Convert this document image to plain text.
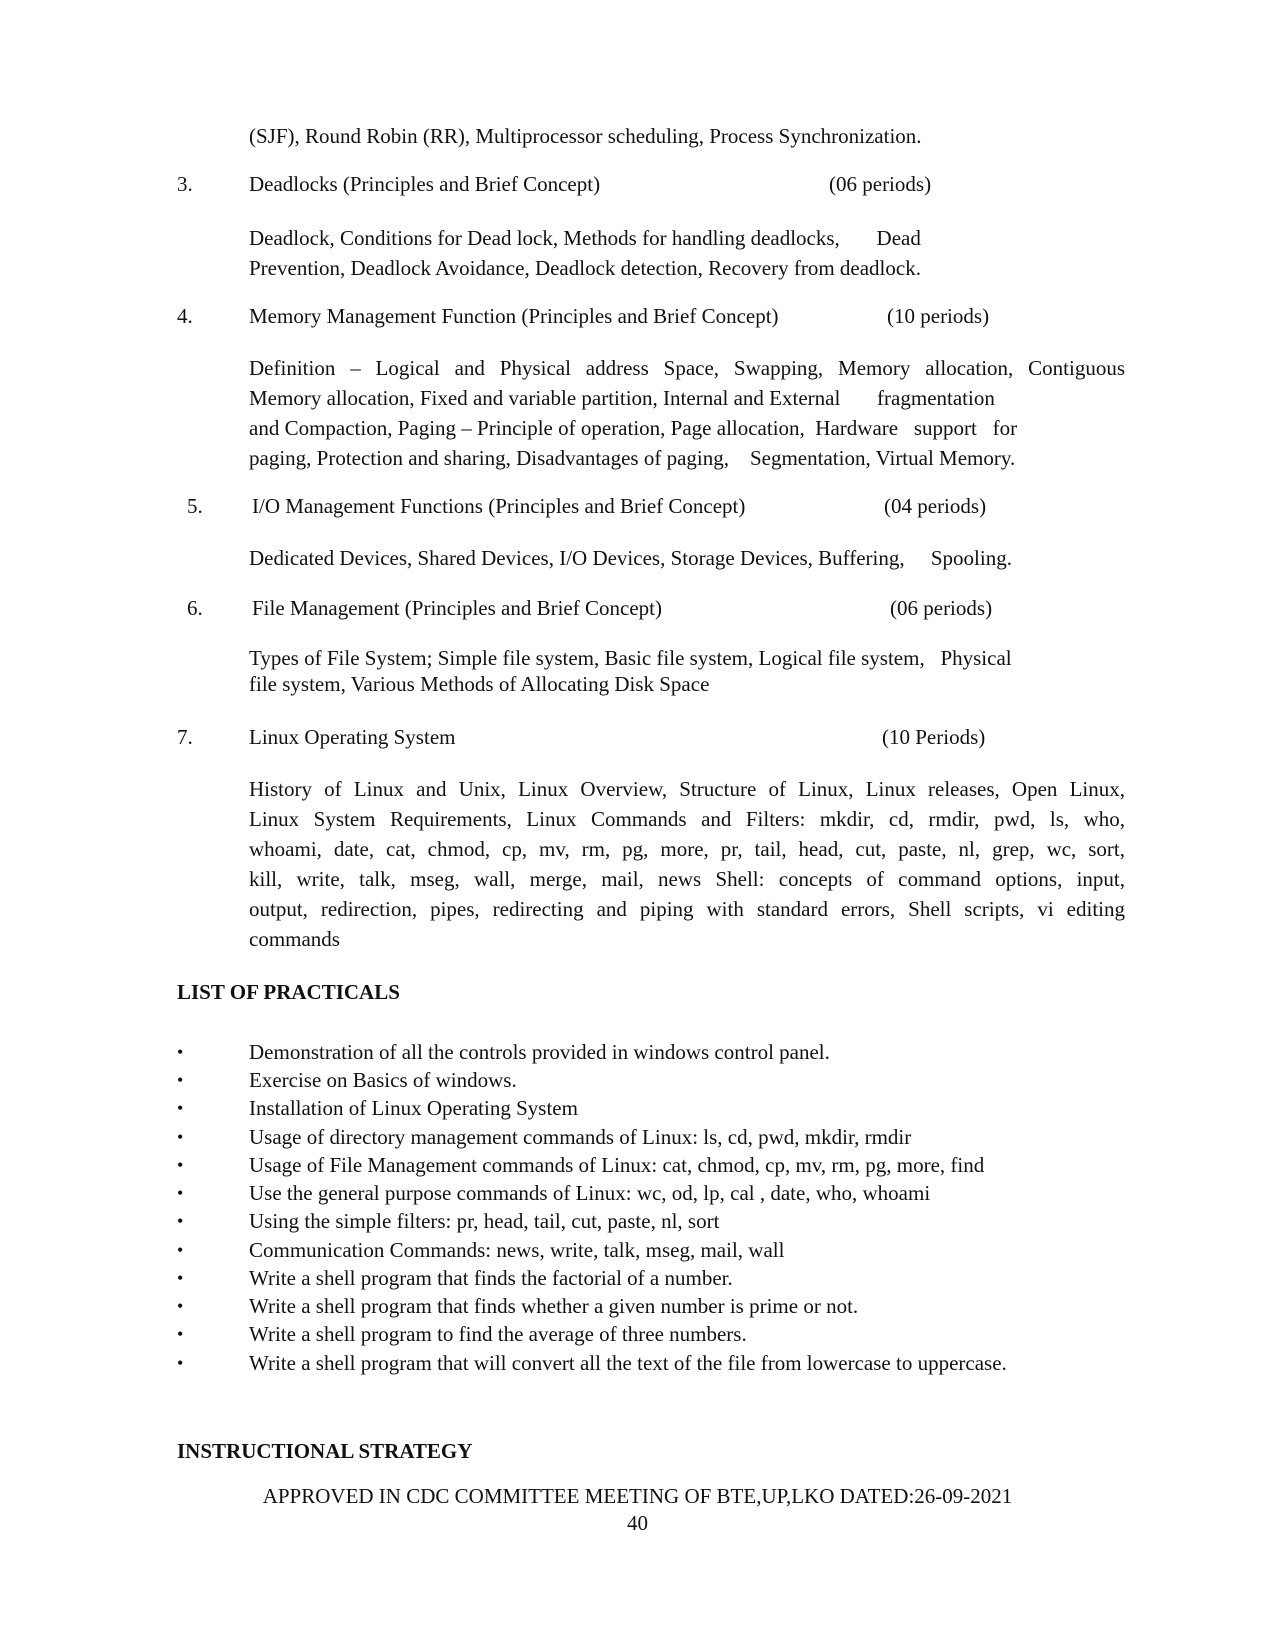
(SJF), Round Robin (RR), Multiprocessor scheduling, Process Synchronization.
3.	Deadlocks (Principles and Brief Concept)	(06 periods)
Deadlock, Conditions for Dead lock, Methods for handling deadlocks,       Dead
Prevention, Deadlock Avoidance, Deadlock detection, Recovery from deadlock.
4.	Memory Management Function (Principles and Brief Concept)	(10 periods)
Definition – Logical and Physical address Space, Swapping, Memory allocation, Contiguous
Memory allocation, Fixed and variable partition, Internal and External       fragmentation
and Compaction, Paging – Principle of operation, Page allocation,  Hardware   support   for
paging, Protection and sharing, Disadvantages of paging,    Segmentation, Virtual Memory.
5. I/O Management Functions (Principles and Brief Concept)	(04 periods)
Dedicated Devices, Shared Devices, I/O Devices, Storage Devices, Buffering,     Spooling.
6. File Management (Principles and Brief Concept)	(06 periods)
Types of File System; Simple file system, Basic file system, Logical file system,   Physical
file system, Various Methods of Allocating Disk Space
7.	Linux Operating System	(10 Periods)
History of Linux and Unix, Linux Overview, Structure of Linux, Linux releases, Open Linux,
Linux System Requirements, Linux Commands and Filters: mkdir, cd, rmdir, pwd, ls, who,
whoami, date, cat, chmod, cp, mv, rm, pg, more, pr, tail, head, cut, paste, nl, grep, wc, sort,
kill, write, talk, mseg, wall, merge, mail, news Shell: concepts of command options, input,
output, redirection, pipes, redirecting and piping with standard errors, Shell scripts, vi editing
commands
LIST OF PRACTICALS
•	Demonstration of all the controls provided in windows control panel.
•	Exercise on Basics of windows.
•	Installation of Linux Operating System
•	Usage of directory management commands of Linux: ls, cd, pwd, mkdir, rmdir
•	Usage of File Management commands of Linux: cat, chmod, cp, mv, rm, pg, more, find
•	Use the general purpose commands of Linux: wc, od, lp, cal , date, who, whoami
•	Using the simple filters: pr, head, tail, cut, paste, nl, sort
•	Communication Commands: news, write, talk, mseg, mail, wall
•	Write a shell program that finds the factorial of a number.
•	Write a shell program that finds whether a given number is prime or not.
•	Write a shell program to find the average of three numbers.
•	Write a shell program that will convert all the text of the file from lowercase to uppercase.
INSTRUCTIONAL STRATEGY
APPROVED IN CDC COMMITTEE MEETING OF BTE,UP,LKO DATED:26-09-2021
40
